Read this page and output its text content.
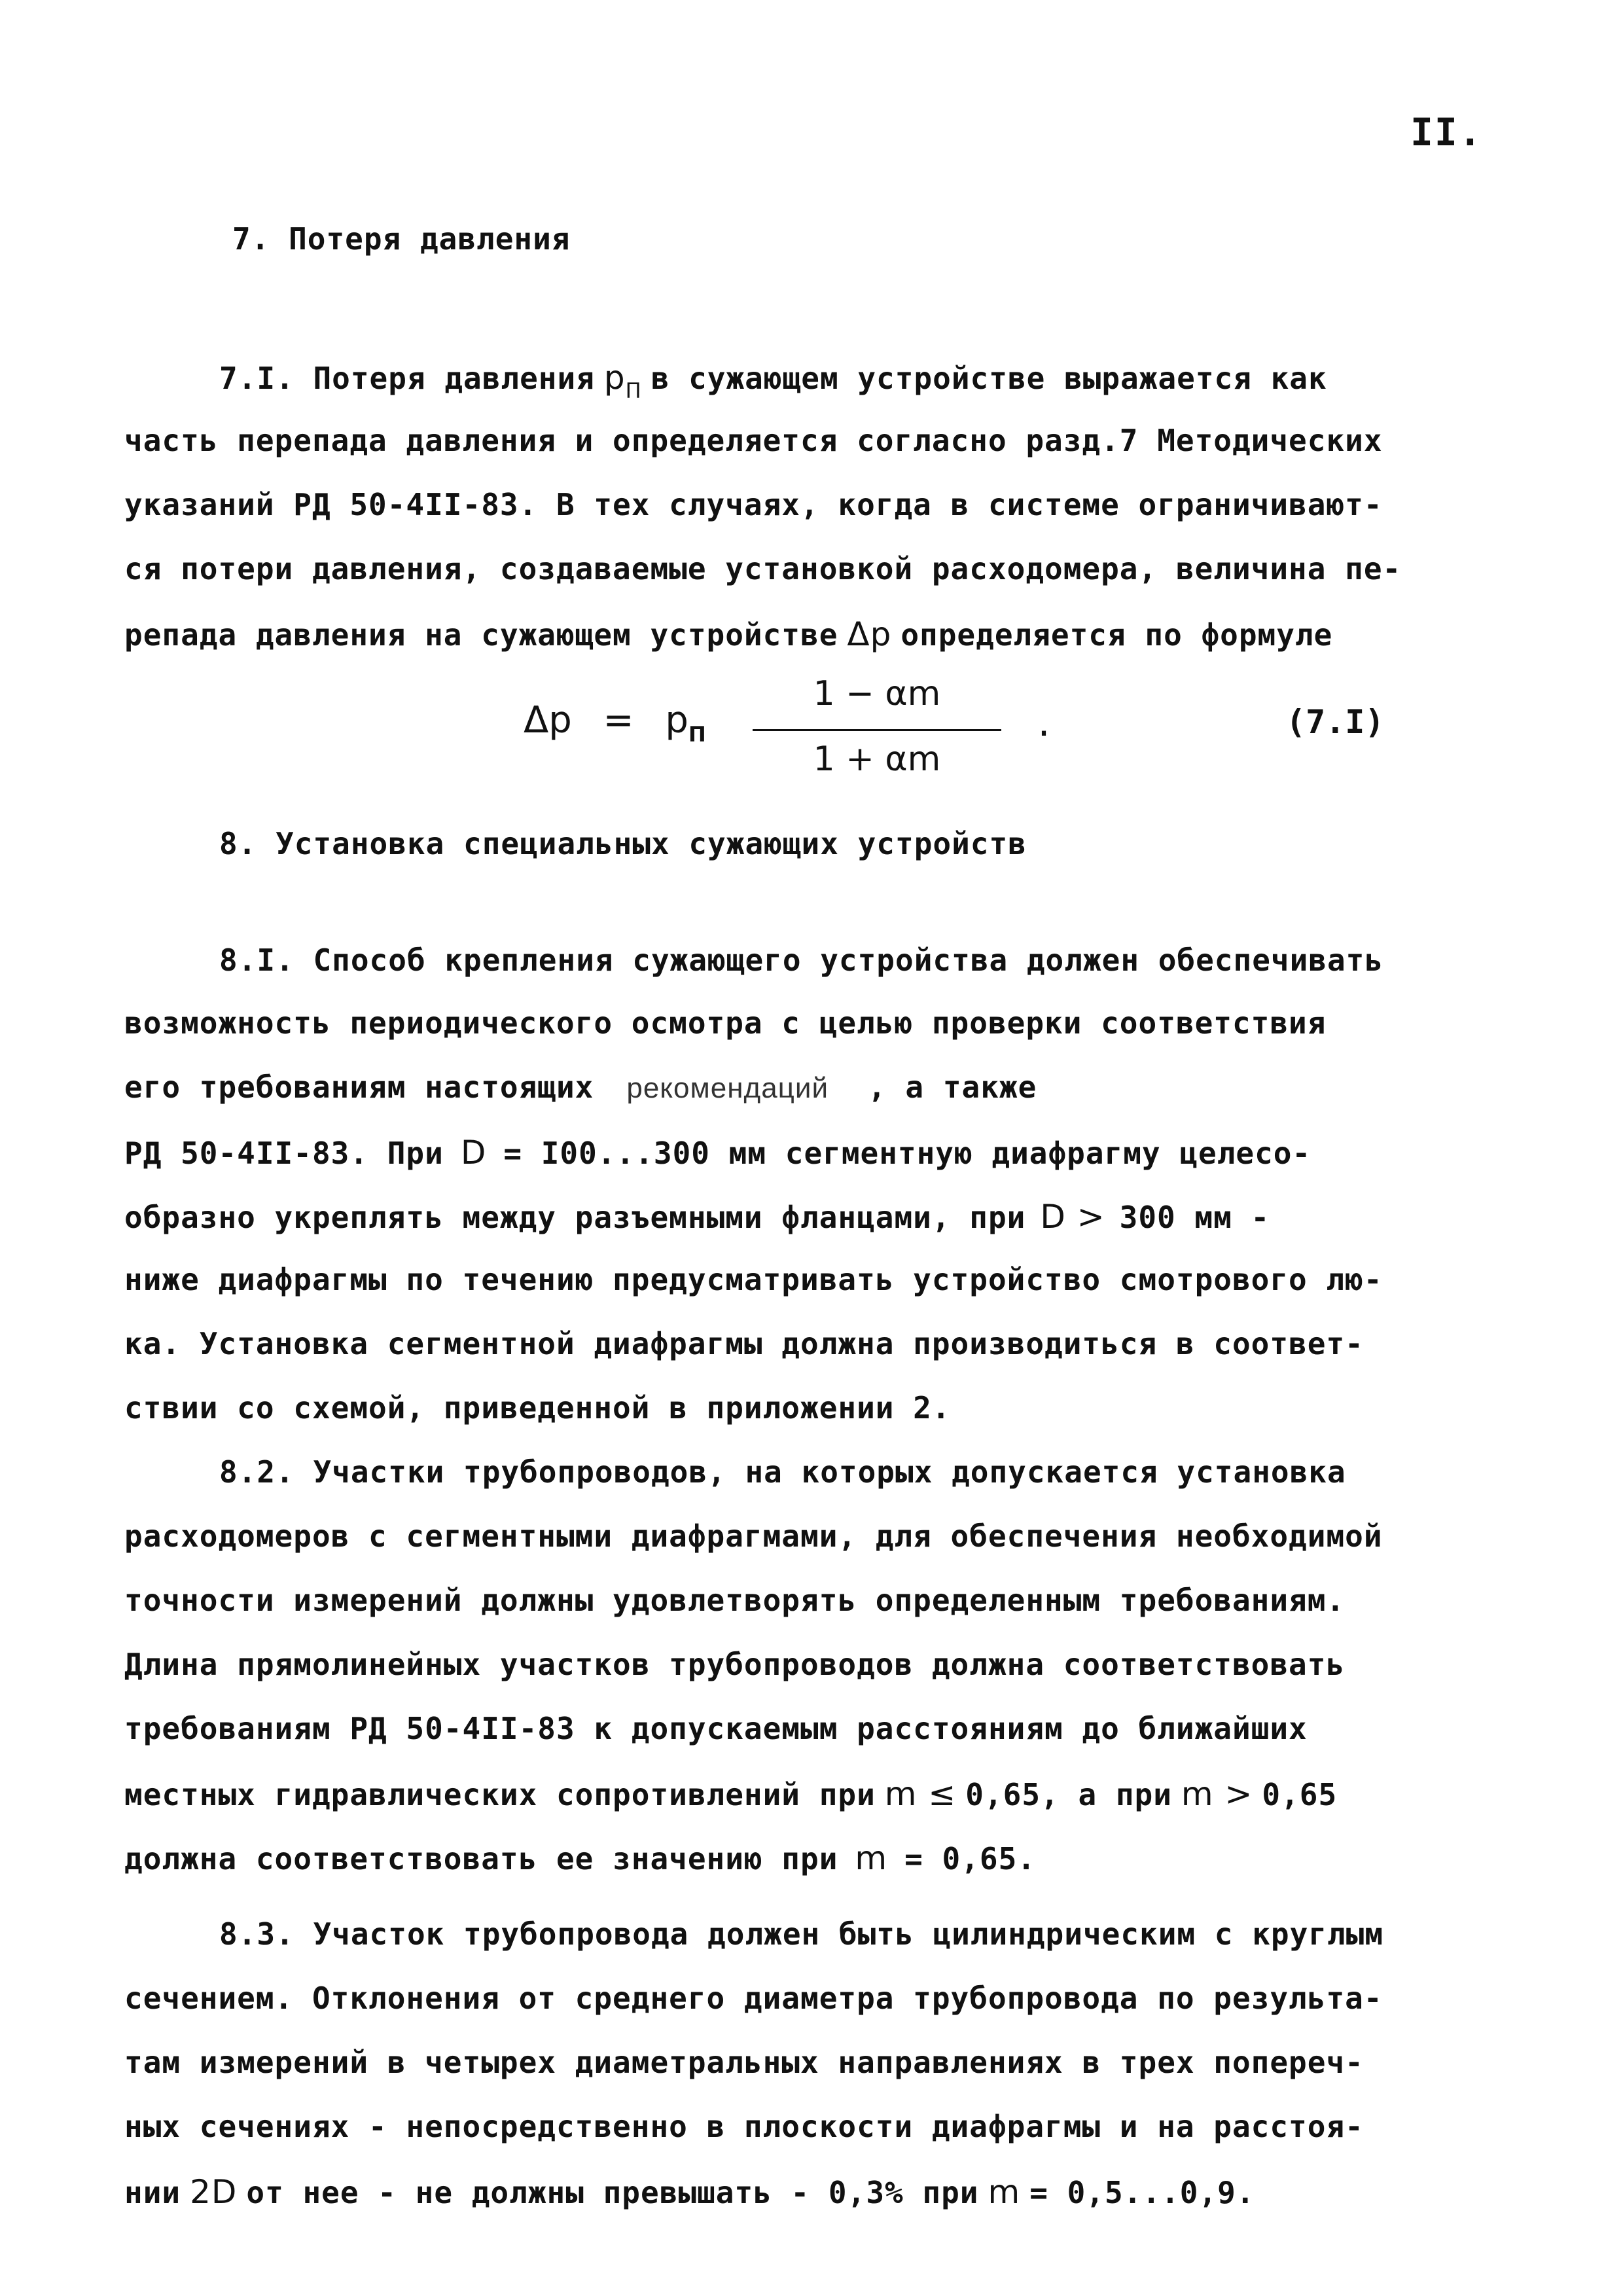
II.
7. Потеря давления
7.I. Потеря давления $p_П$ в сужающем устройстве выражается как
часть перепада давления и определяется согласно разд.7 Методических
указаний РД 50-4II-83. В тех случаях, когда в системе ограничивают-
ся потери давления, создаваемые установкой расходомера, величина пе-
репада давления на сужающем устройстве Δp определяется по формуле
$\Delta p = p_П$
1 − αm
1 + αm
.	(7.I)
8. Установка специальных сужающих устройств
8.I. Способ крепления сужающего устройства должен обеспечивать
возможность периодического осмотра с целью проверки соответствия
его требованиям настоящих рекомендаций , а также
РД 50-4II-83. При D = I00...300 мм сегментную диафрагму целесо-
образно укреплять между разъемными фланцами, при D > 300 мм -
ниже диафрагмы по течению предусматривать устройство смотрового лю-
ка. Установка сегментной диафрагмы должна производиться в соответ-
ствии со схемой, приведенной в приложении 2.
8.2. Участки трубопроводов, на которых допускается установка
расходомеров с сегментными диафрагмами, для обеспечения необходимой
точности измерений должны удовлетворять определенным требованиям.
Длина прямолинейных участков трубопроводов должна соответствовать
требованиям РД 50-4II-83 к допускаемым расстояниям до ближайших
местных гидравлических сопротивлений при m ≤ 0,65, а при m > 0,65
должна соответствовать ее значению при m = 0,65.
8.3. Участок трубопровода должен быть цилиндрическим с круглым
сечением. Отклонения от среднего диаметра трубопровода по результа-
там измерений в четырех диаметральных направлениях в трех попереч-
ных сечениях - непосредственно в плоскости диафрагмы и на расстоя-
нии 2D от нее - не должны превышать - 0,3% при m = 0,5...0,9.
